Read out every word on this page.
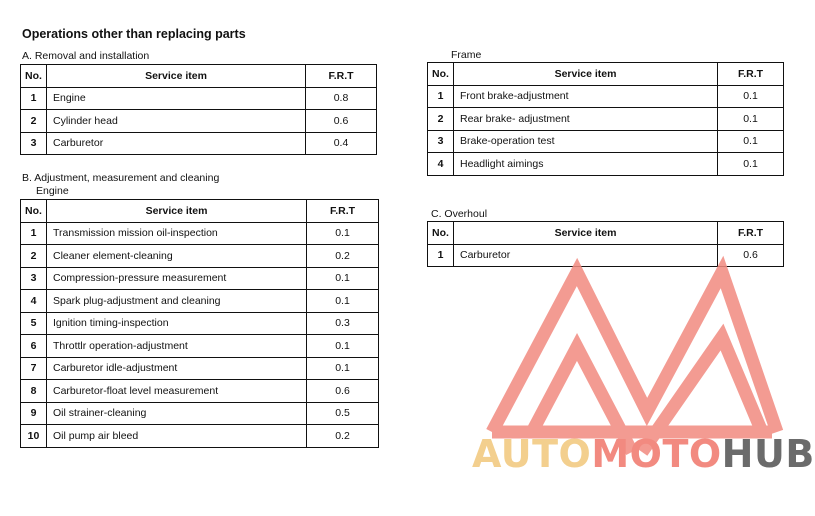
Operations other than replacing parts
A. Removal and installation
No.	Service item	F.R.T
1	Engine	0.8
2	Cylinder head	0.6
3	Carburetor	0.4
B. Adjustment, measurement and cleaning
Engine
No.	Service item	F.R.T
1	Transmission mission oil-inspection	0.1
2	Cleaner element-cleaning	0.2
3	Compression-pressure measurement	0.1
4	Spark plug-adjustment and cleaning	0.1
5	Ignition timing-inspection	0.3
6	Throttlr operation-adjustment	0.1
7	Carburetor idle-adjustment	0.1
8	Carburetor-float level measurement	0.6
9	Oil strainer-cleaning	0.5
10	Oil pump air bleed	0.2
Frame
No.	Service item	F.R.T
1	Front brake-adjustment	0.1
2	Rear brake- adjustment	0.1
3	Brake-operation test	0.1
4	Headlight aimings	0.1
C. Overhoul
No.	Service item	F.R.T
1	Carburetor	0.6
AUTOMOTOHUB
